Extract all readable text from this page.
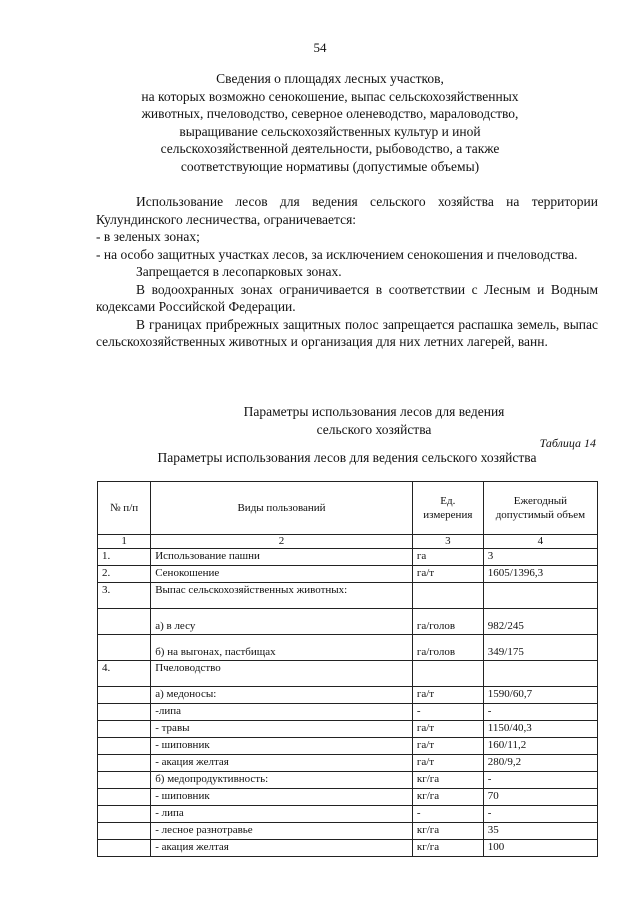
54
Сведения о площадях лесных участков,
на которых возможно сенокошение, выпас сельскохозяйственных
животных, пчеловодство, северное оленеводство, мараловодство,
выращивание сельскохозяйственных культур и иной
сельскохозяйственной деятельности, рыбоводство, а также
соответствующие нормативы (допустимые объемы)

Использование лесов для ведения сельского хозяйства на территории Кулундинского лесничества, ограничевается:

- в зеленых зонах;

- на особо защитных участках лесов, за исключением сенокошения и пчеловодства.

Запрещается в лесопарковых зонах.

В водоохранных зонах ограничивается в соответствии с Лесным и Водным кодексами Российской Федерации.

В границах прибрежных защитных полос запрещается распашка земель, выпас сельскохозяйственных животных и организация для них летних лагерей, ванн.

Параметры использования лесов для ведения
сельского хозяйства
Таблица 14
Параметры использования лесов для ведения сельского хозяйства
№ п/п	Виды пользований	Ед. измерения	Ежегодный допустимый объем
1	2	3	4
1.	Использование пашни	га	3
2.	Сенокошение	га/т	1605/1396,3
3.	Выпас сельскохозяйственных животных:		
	а) в лесу	га/голов	982/245
	б) на выгонах, пастбищах	га/голов	349/175
4.	Пчеловодство		
	а) медоносы:	га/т	1590/60,7
	-липа	-	-
	- травы	га/т	1150/40,3
	- шиповник	га/т	160/11,2
	- акация желтая	га/т	280/9,2
	б) медопродуктивность:	кг/га	-
	- шиповник	кг/га	70
	- липа	-	-
	- лесное разнотравье	кг/га	35
	- акация желтая	кг/га	100
